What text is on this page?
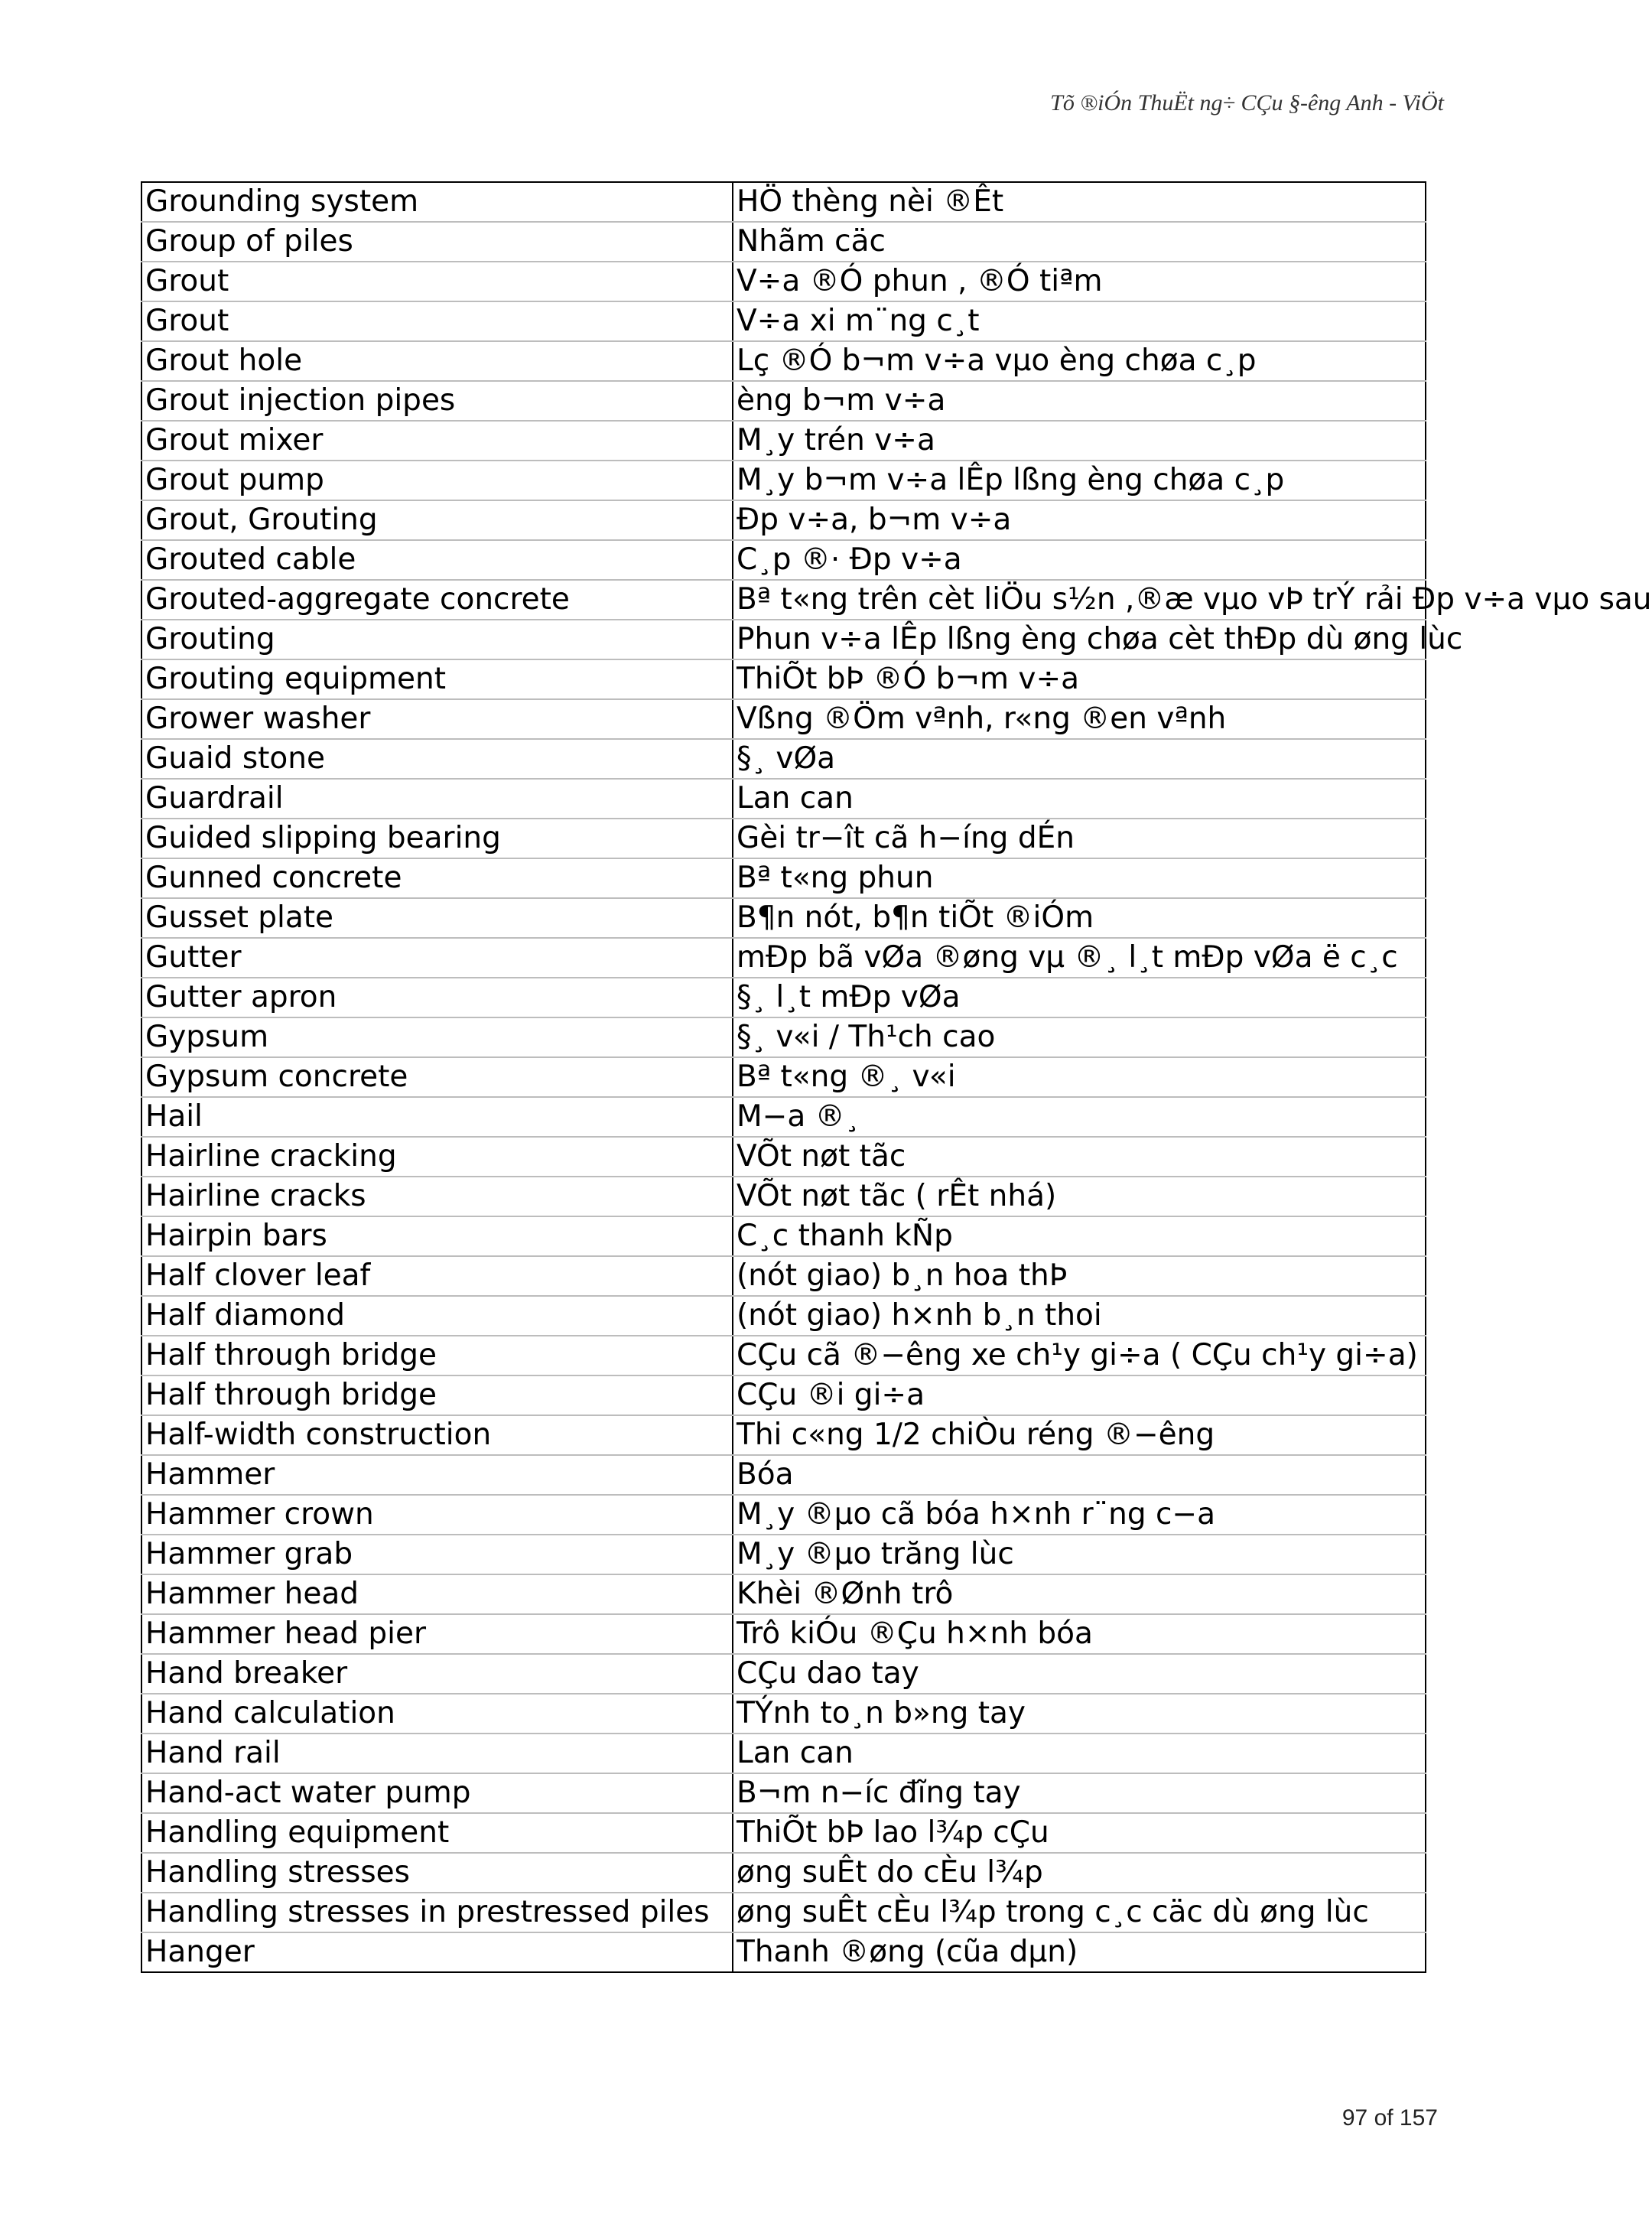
Tõ ®iÓn ThuËt ng÷ CÇu §-êng Anh - ViÖt
Grounding system	HÖ thèng nèi ®Êt
Group of piles	Nhãm cäc
Grout	V÷a ®Ó phun , ®Ó tiªm
Grout	V÷a xi m¨ng c¸t
Grout hole	Lç ®Ó b¬m v÷a vµo èng chøa c¸p
Grout injection pipes	èng b¬m v÷a
Grout mixer	M¸y trén v÷a
Grout pump	M¸y b¬m v÷a lÊp lßng èng chøa c¸p
Grout, Grouting	Đp v÷a, b¬m v÷a
Grouted cable	C¸p ®· Đp v÷a
Grouted-aggregate concrete	Bª t«ng trên cèt liÖu s½n ,®æ vµo vÞ trÝ rải Đp v÷a vµo sau
Grouting	Phun v÷a lÊp lßng èng chøa cèt thÐp dù øng lùc
Grouting equipment	ThiÕt bÞ ®Ó b¬m v÷a
Grower washer	Vßng ®Öm vªnh, r«ng ®en vªnh
Guaid stone	§¸ vØa
Guardrail	Lan can
Guided slipping bearing	Gèi tr−ît cã h−íng dÉn
Gunned concrete	Bª t«ng phun
Gusset plate	B¶n nót, b¶n tiÕt ®iÓm
Gutter	mÐp bã vØa ®øng vµ ®¸ l¸t mÐp vØa ë c¸c
Gutter apron	§¸ l¸t mÐp vØa
Gypsum	§¸ v«i / Th¹ch cao
Gypsum concrete	Bª t«ng ®¸ v«i
Hail	M−a ®¸
Hairline cracking	VÕt nøt tãc
Hairline cracks	VÕt nøt tãc ( rÊt nhá)
Hairpin bars	C¸c thanh kÑp
Half clover leaf	(nót giao) b¸n hoa thÞ
Half diamond	(nót giao) h×nh b¸n thoi
Half through bridge	CÇu cã ®−êng xe ch¹y gi÷a ( CÇu ch¹y gi÷a)
Half through bridge	CÇu ®i gi÷a
Half-width construction	Thi c«ng 1/2 chiÒu réng ®−êng
Hammer	Bóa
Hammer crown	M¸y ®µo cã bóa h×nh r¨ng c−a
Hammer grab	M¸y ®µo trăng lùc
Hammer head	Khèi ®Ønh trô
Hammer head pier	Trô kiÓu ®Çu h×nh bóa
Hand breaker	CÇu dao tay
Hand calculation	TÝnh to¸n b»ng tay
Hand rail	Lan can
Hand-act water pump	B¬m n−íc đĩng tay
Handling equipment	ThiÕt bÞ lao l¾p cÇu
Handling stresses	øng suÊt do cÈu l¾p
Handling stresses in prestressed piles	øng suÊt cÈu l¾p trong c¸c cäc dù øng lùc
Hanger	Thanh ®øng (cũa dµn)
97 of 157
